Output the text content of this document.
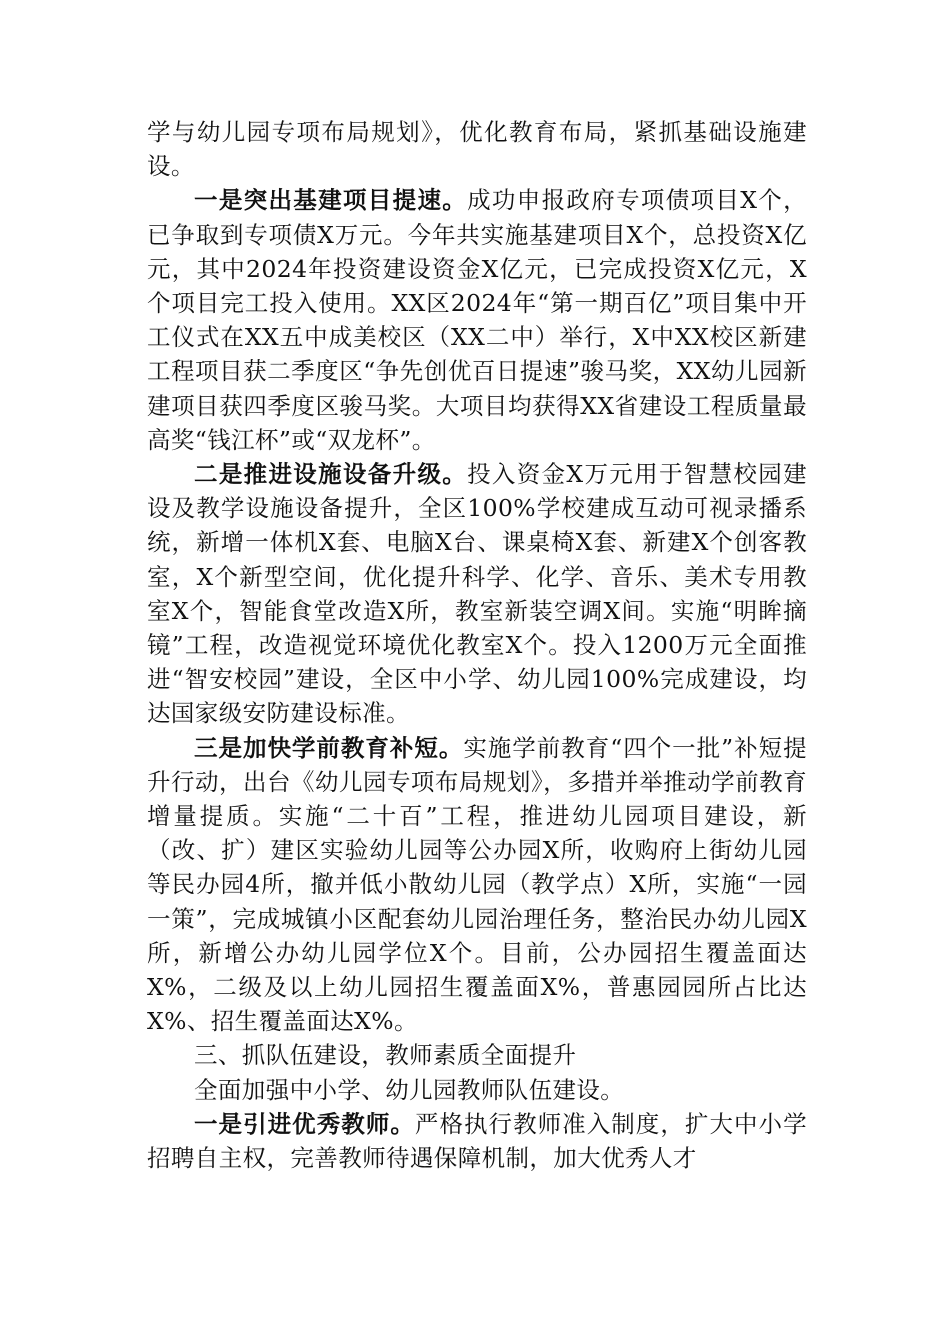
学与幼儿园专项布局规划》，优化教育布局，紧抓基础设施建设。

一是突出基建项目提速。成功申报政府专项债项目X个，已争取到专项债X万元。今年共实施基建项目X个，总投资X亿元，其中2024年投资建设资金X亿元，已完成投资X亿元，X个项目完工投入使用。XX区2024年“第一期百亿”项目集中开工仪式在XX五中成美校区（XX二中）举行，X中XX校区新建工程项目获二季度区“争先创优百日提速”骏马奖，XX幼儿园新建项目获四季度区骏马奖。大项目均获得XX省建设工程质量最高奖“钱江杯”或“双龙杯”。

二是推进设施设备升级。投入资金X万元用于智慧校园建设及教学设施设备提升，全区100%学校建成互动可视录播系统，新增一体机X套、电脑X台、课桌椅X套、新建X个创客教室，X个新型空间，优化提升科学、化学、音乐、美术专用教室X个，智能食堂改造X所，教室新装空调X间。实施“明眸摘镜”工程，改造视觉环境优化教室X个。投入1200万元全面推进“智安校园”建设，全区中小学、幼儿园100%完成建设，均达国家级安防建设标准。

三是加快学前教育补短。实施学前教育“四个一批”补短提升行动，出台《幼儿园专项布局规划》，多措并举推动学前教育增量提质。实施“二十百”工程，推进幼儿园项目建设，新（改、扩）建区实验幼儿园等公办园X所，收购府上街幼儿园等民办园4所，撤并低小散幼儿园（教学点）X所，实施“一园一策”，完成城镇小区配套幼儿园治理任务，整治民办幼儿园X所，新增公办幼儿园学位X个。目前，公办园招生覆盖面达X%，二级及以上幼儿园招生覆盖面X%，普惠园园所占比达X%、招生覆盖面达X%。

三、抓队伍建设，教师素质全面提升

全面加强中小学、幼儿园教师队伍建设。

一是引进优秀教师。严格执行教师准入制度，扩大中小学招聘自主权，完善教师待遇保障机制，加大优秀人才
